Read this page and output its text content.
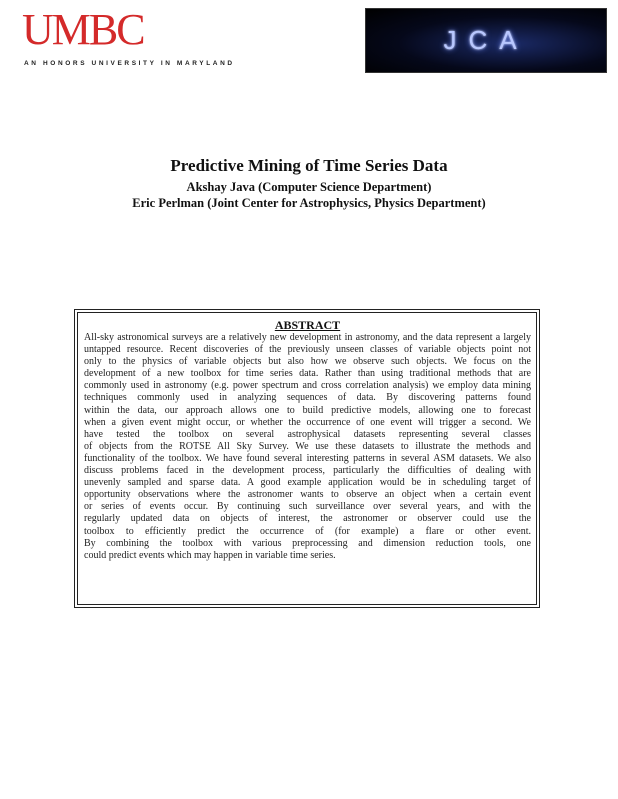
UMBC
AN HONORS UNIVERSITY IN MARYLAND
JCA
Predictive Mining of Time Series Data
Akshay Java (Computer Science Department)
Eric Perlman (Joint Center for Astrophysics, Physics Department)
ABSTRACT
All-sky astronomical surveys are a relatively new development in astronomy, and the data represent a largely
untapped resource. Recent discoveries of the previously unseen classes of variable objects point not
only to the physics of variable objects but also how we observe such objects. We focus on the
development of a new toolbox for time series data. Rather than using traditional methods that are
commonly used in astronomy (e.g. power spectrum and cross correlation analysis) we employ data mining
techniques commonly used in analyzing sequences of data. By discovering patterns found
within the data, our approach allows one to build predictive models, allowing one to forecast
when a given event might occur, or whether the occurrence of one event will trigger a second. We
have tested the toolbox on several astrophysical datasets representing several classes
of objects from the ROTSE All Sky Survey. We use these datasets to illustrate the methods and
functionality of the toolbox. We have found several interesting patterns in several ASM datasets. We also
discuss problems faced in the development process, particularly the difficulties of dealing with
unevenly sampled and sparse data. A good example application would be in scheduling target of
opportunity observations where the astronomer wants to observe an object when a certain event
or series of events occur. By continuing such surveillance over several years, and with the
regularly updated data on objects of interest, the astronomer or observer could use the
toolbox to efficiently predict the occurrence of (for example) a flare or other event.
By combining the toolbox with various preprocessing and dimension reduction tools, one
could predict events which may happen in variable time series.
